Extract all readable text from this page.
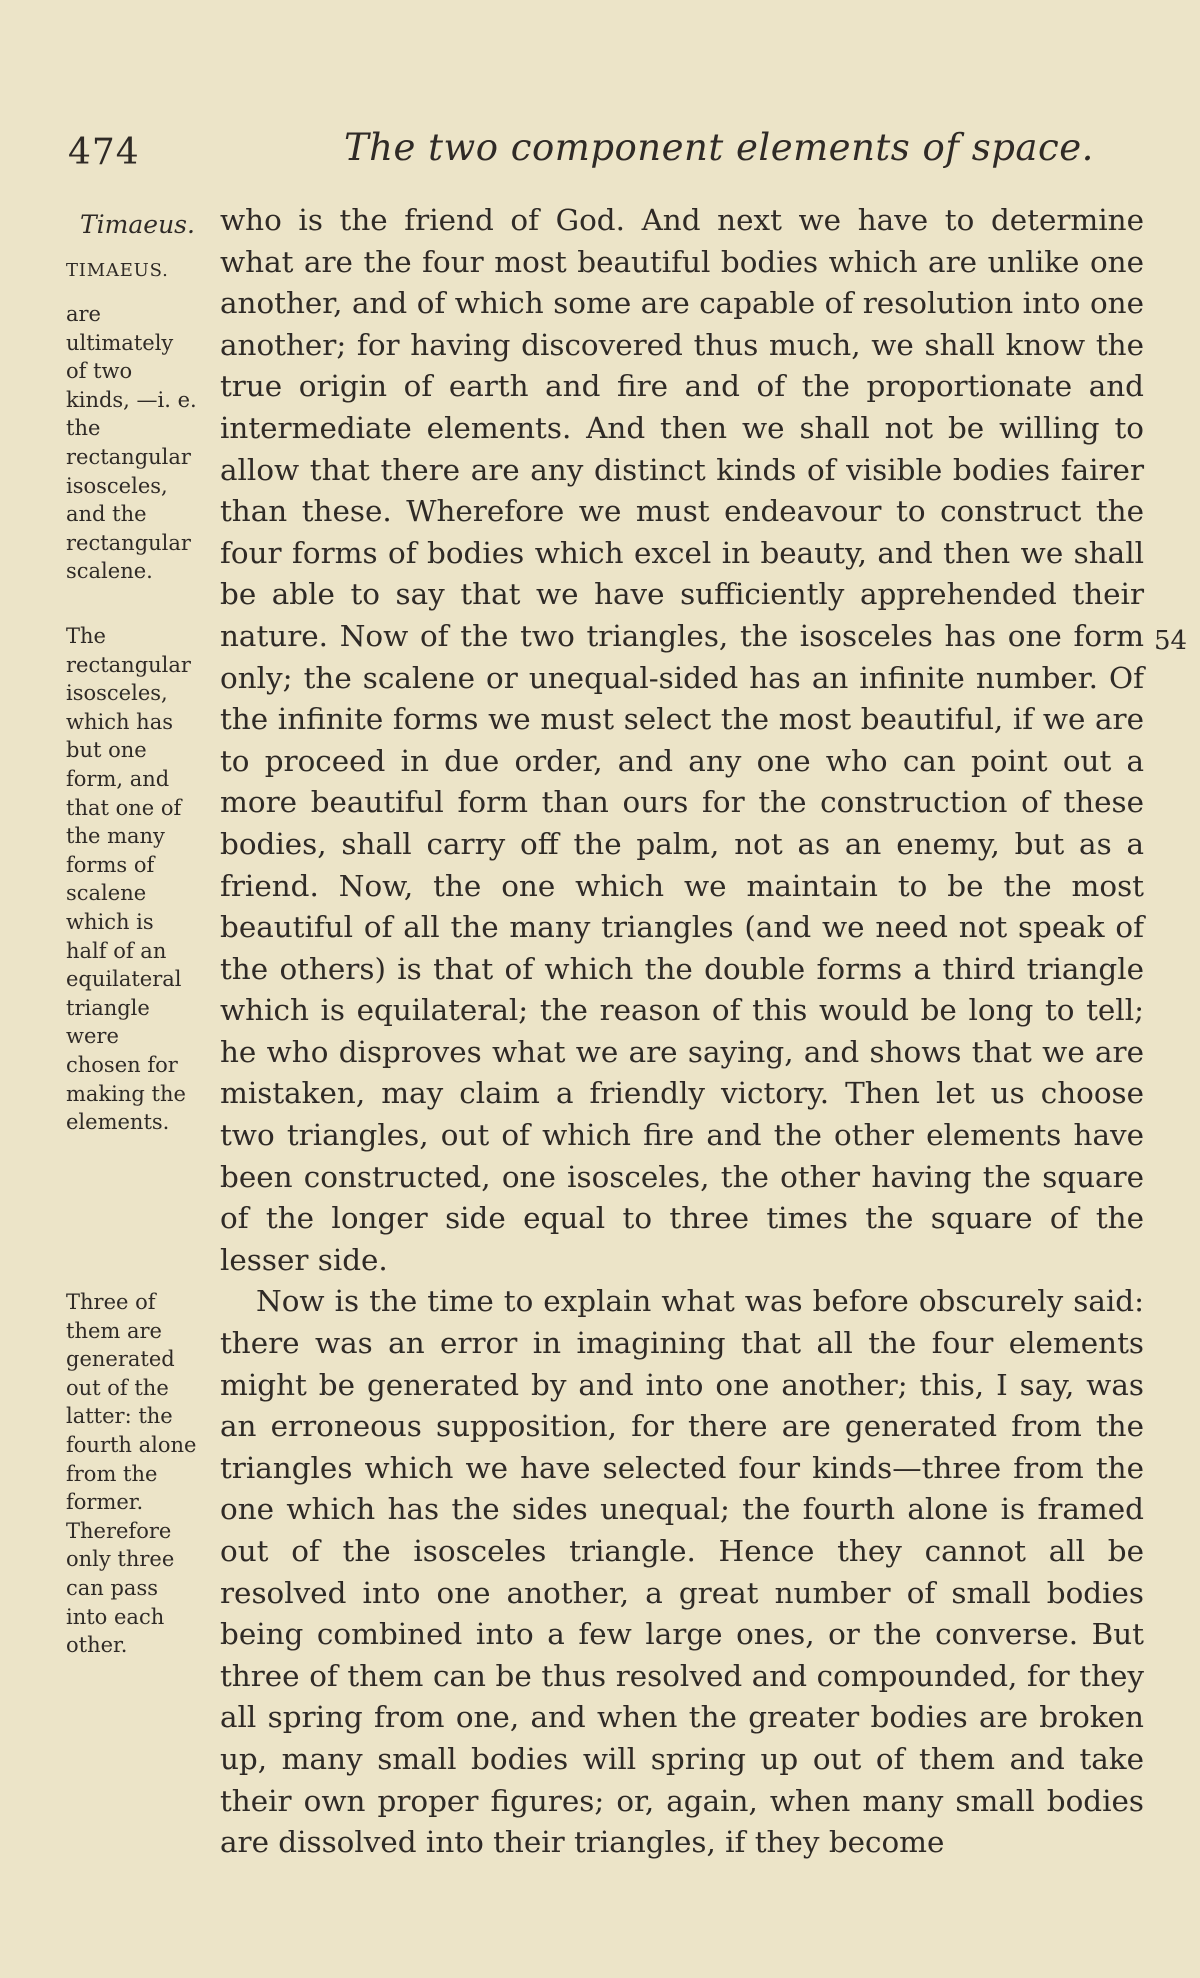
474	The two component elements of space.
Timaeus.
TIMAEUS.
are ultimately of two kinds, —i. e. the rectangular isosceles, and the rectangular scalene.
The rectangular isosceles, which has but one form, and that one of the many forms of scalene which is half of an equilateral triangle were chosen for making the elements.
Three of them are generated out of the latter: the fourth alone from the former. Therefore only three can pass into each other.
54

who is the friend of God. And next we have to determine what are the four most beautiful bodies which are unlike one another, and of which some are capable of resolution into one another; for having discovered thus much, we shall know the true origin of earth and fire and of the proportionate and intermediate elements. And then we shall not be willing to allow that there are any distinct kinds of visible bodies fairer than these. Wherefore we must endeavour to construct the four forms of bodies which excel in beauty, and then we shall be able to say that we have sufficiently apprehended their nature. Now of the two triangles, the isosceles has one form only; the scalene or unequal-sided has an infinite number. Of the infinite forms we must select the most beautiful, if we are to proceed in due order, and any one who can point out a more beautiful form than ours for the construction of these bodies, shall carry off the palm, not as an enemy, but as a friend. Now, the one which we maintain to be the most beautiful of all the many triangles (and we need not speak of the others) is that of which the double forms a third triangle which is equilateral; the reason of this would be long to tell; he who disproves what we are saying, and shows that we are mistaken, may claim a friendly victory. Then let us choose two triangles, out of which fire and the other elements have been constructed, one isosceles, the other having the square of the longer side equal to three times the square of the lesser side.

Now is the time to explain what was before obscurely said: there was an error in imagining that all the four elements might be generated by and into one another; this, I say, was an erroneous supposition, for there are generated from the triangles which we have selected four kinds—three from the one which has the sides unequal; the fourth alone is framed out of the isosceles triangle. Hence they cannot all be resolved into one another, a great number of small bodies being combined into a few large ones, or the converse. But three of them can be thus resolved and compounded, for they all spring from one, and when the greater bodies are broken up, many small bodies will spring up out of them and take their own proper figures; or, again, when many small bodies are dissolved into their triangles, if they become
